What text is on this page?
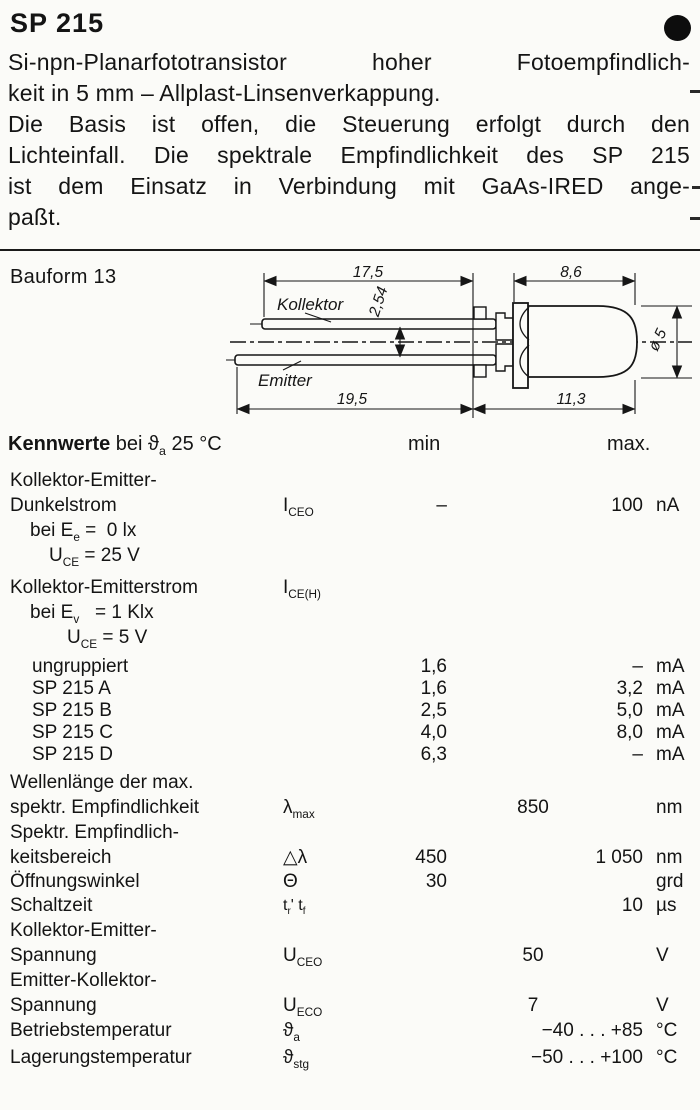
SP 215
Si-npn-Planarfototransistor hoher Fotoempfindlich-
keit in 5 mm – Allplast-Linsenverkappung.
Die Basis ist offen, die Steuerung erfolgt durch den
Lichteinfall. Die spektrale Empfindlichkeit des SP 215
ist dem Einsatz in Verbindung mit GaAs-IRED ange-
paßt.
Bauform 13	17,5	8,6
19,5	11,3
2,54
ø 5
Kollektor
Emitter
Kennwerte bei $ϑ_a$ 25 °C	min	max.
Kollektor-Emitter-
Dunkelstrom
bei $E_e = 0$ lx
$U_{CE} = 25$ V
$I_{CEO}$	–	100 nA
Kollektor-Emitterstrom
bei $E_v = 1$ Klx
$U_{CE} = 5$ V
$I_{CE(H)}$
ungruppiert	1,6	– mA
SP 215 A	1,6	3,2 mA
SP 215 B	2,5	5,0 mA
SP 215 C	4,0	8,0 mA
SP 215 D	6,3	– mA
Wellenlänge der max.
spektr. Empfindlichkeit	$\lambda_{max}$	850	nm
Spektr. Empfindlich-
keitsbereich	△λ	450	1 050 nm
Öffnungswinkel	Θ	30	grd
Schaltzeit	$t_r'$ $t_f$	10 µs
Kollektor-Emitter-
Spannung	$U_{CEO}$	50	V
Emitter-Kollektor-
Spannung	$U_{ECO}$	7	V
Betriebstemperatur	$ϑ_a$	−40 . . . +85 °C
Lagerungstemperatur	$ϑ_{stg}$	−50 . . . +100 °C
